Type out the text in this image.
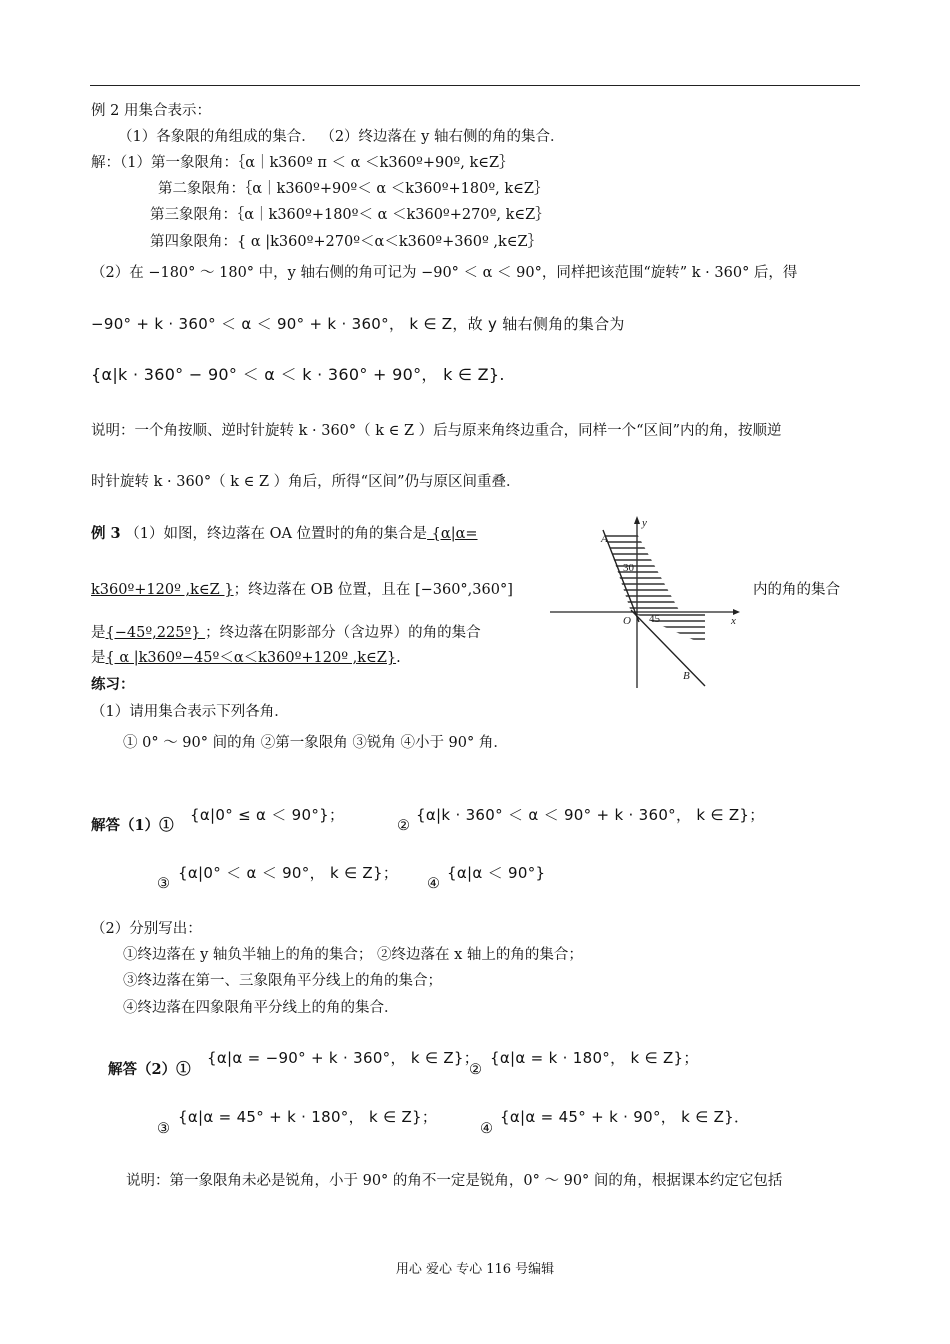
例 2 用集合表示：
（1）各象限的角组成的集合． （2）终边落在 y 轴右侧的角的集合．
解：（1）第一象限角：｛α｜k360º π ＜ α ＜k360º+90º, k∈Z｝
第二象限角：｛α｜k360º+90º＜ α ＜k360º+180º, k∈Z｝
第三象限角：｛α｜k360º+180º＜ α ＜k360º+270º, k∈Z｝
第四象限角：{ α |k360º+270º＜α＜k360º+360º ,k∈Z｝
（2）在 −180° ～ 180° 中，y 轴右侧的角可记为 −90° ＜ α ＜ 90°，同样把该范围“旋转” k · 360° 后，得
−90° + k · 360° ＜ α ＜ 90° + k · 360°， k ∈ Z，故 y 轴右侧角的集合为
{α|k · 360° − 90° ＜ α ＜ k · 360° + 90°， k ∈ Z}.
说明：一个角按顺、逆时针旋转 k · 360°（ k ∈ Z ）后与原来角终边重合，同样一个“区间”内的角，按顺逆
时针旋转 k · 360°（ k ∈ Z ）角后，所得“区间”仍与原区间重叠．
例 3 （1）如图，终边落在 OA 位置时的角的集合是 {α|α=
k360º+120º ,k∈Z }；终边落在 OB 位置，且在 [−360°,360°]	内的角的集合
是{−45º,225º} ；终边落在阴影部分（含边界）的角的集合
是{ α |k360º−45º＜α＜k360º+120º ,k∈Z}.
30
45
A
B
O
y
x
练习：
（1）请用集合表示下列各角．
① 0° ～ 90° 间的角 ②第一象限角 ③锐角 ④小于 90° 角．
解答（1）①
{α|0° ≤ α ＜ 90°}；
②
{α|k · 360° ＜ α ＜ 90° + k · 360°， k ∈ Z}；
③
{α|0° ＜ α ＜ 90°， k ∈ Z}；
④
{α|α ＜ 90°}
（2）分别写出：
①终边落在 y 轴负半轴上的角的集合； ②终边落在 x 轴上的角的集合；
③终边落在第一、三象限角平分线上的角的集合；
④终边落在四象限角平分线上的角的集合．
解答（2）①
{α|α = −90° + k · 360°， k ∈ Z}；
②
{α|α = k · 180°， k ∈ Z}；
③
{α|α = 45° + k · 180°， k ∈ Z}；
④
{α|α = 45° + k · 90°， k ∈ Z}．
说明：第一象限角未必是锐角，小于 90° 的角不一定是锐角，0° ～ 90° 间的角，根据课本约定它包括
用心 爱心 专心 116 号编辑
